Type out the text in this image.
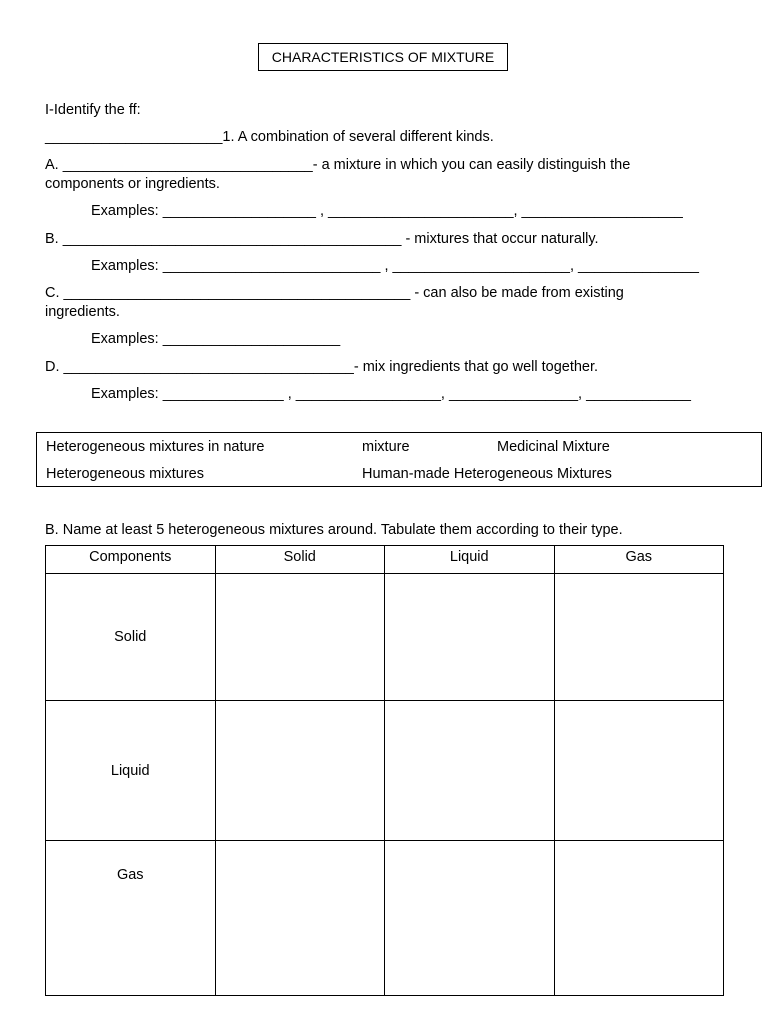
CHARACTERISTICS OF MIXTURE
I-Identify the ff:
______________________1. A combination of several different kinds.
A. _______________________________- a mixture in which you can easily distinguish the
components or ingredients.
Examples: ___________________ , _______________________, ____________________
B. __________________________________________ - mixtures that occur naturally.
Examples: ___________________________ , ______________________, _______________
C. ___________________________________________ - can also be made from existing
ingredients.
Examples: ______________________
D. ____________________________________- mix ingredients that go well together.
Examples: _______________ , __________________, ________________, _____________
Heterogeneous mixtures in nature	mixture	Medicinal Mixture
Heterogeneous mixtures	Human-made Heterogeneous Mixtures
B. Name at least 5 heterogeneous mixtures around. Tabulate them according to their type.
Components	Solid	Liquid	Gas
Solid			
Liquid			
Gas			
